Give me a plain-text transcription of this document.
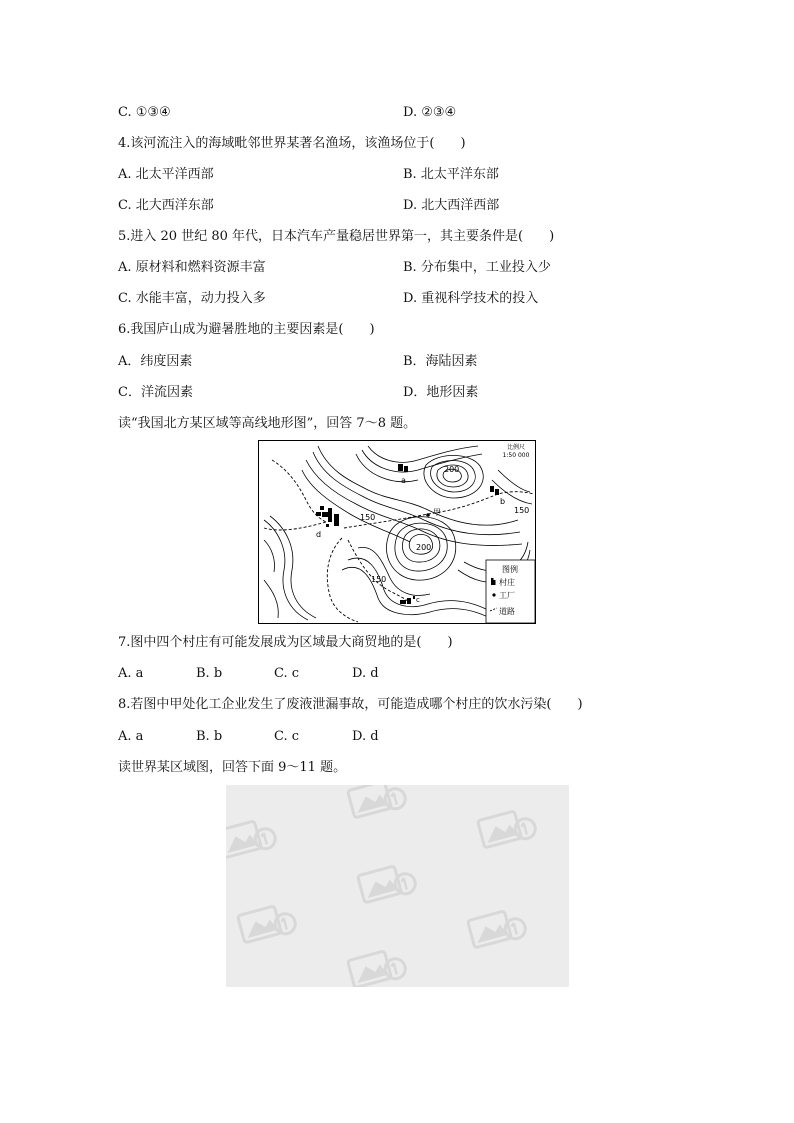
C. ①③④	D. ②③④
4.该河流注入的海域毗邻世界某著名渔场，该渔场位于(　　)
A. 北太平洋西部	B. 北太平洋东部
C. 北大西洋东部	D. 北大西洋西部
5.进入 20 世纪 80 年代，日本汽车产量稳居世界第一，其主要条件是(　　)
A. 原材料和燃料资源丰富	B. 分布集中，工业投入少
C. 水能丰富，动力投入多	D. 重视科学技术的投入
6.我国庐山成为避暑胜地的主要因素是(　　)
A．纬度因素	B．海陆因素
C．洋流因素	D．地形因素
读“我国北方某区域等高线地形图”，回答 7～8 题。
图例
村庄
工厂
道路
比例尺
1:50 000
200
150
150
200
150
a
b
c
d
甲
7.图中四个村庄有可能发展成为区域最大商贸地的是(　　)
A. a	B. b	C. c	D. d
8.若图中甲处化工企业发生了废液泄漏事故，可能造成哪个村庄的饮水污染(　　)
A. a	B. b	C. c	D. d
读世界某区域图，回答下面 9～11 题。
